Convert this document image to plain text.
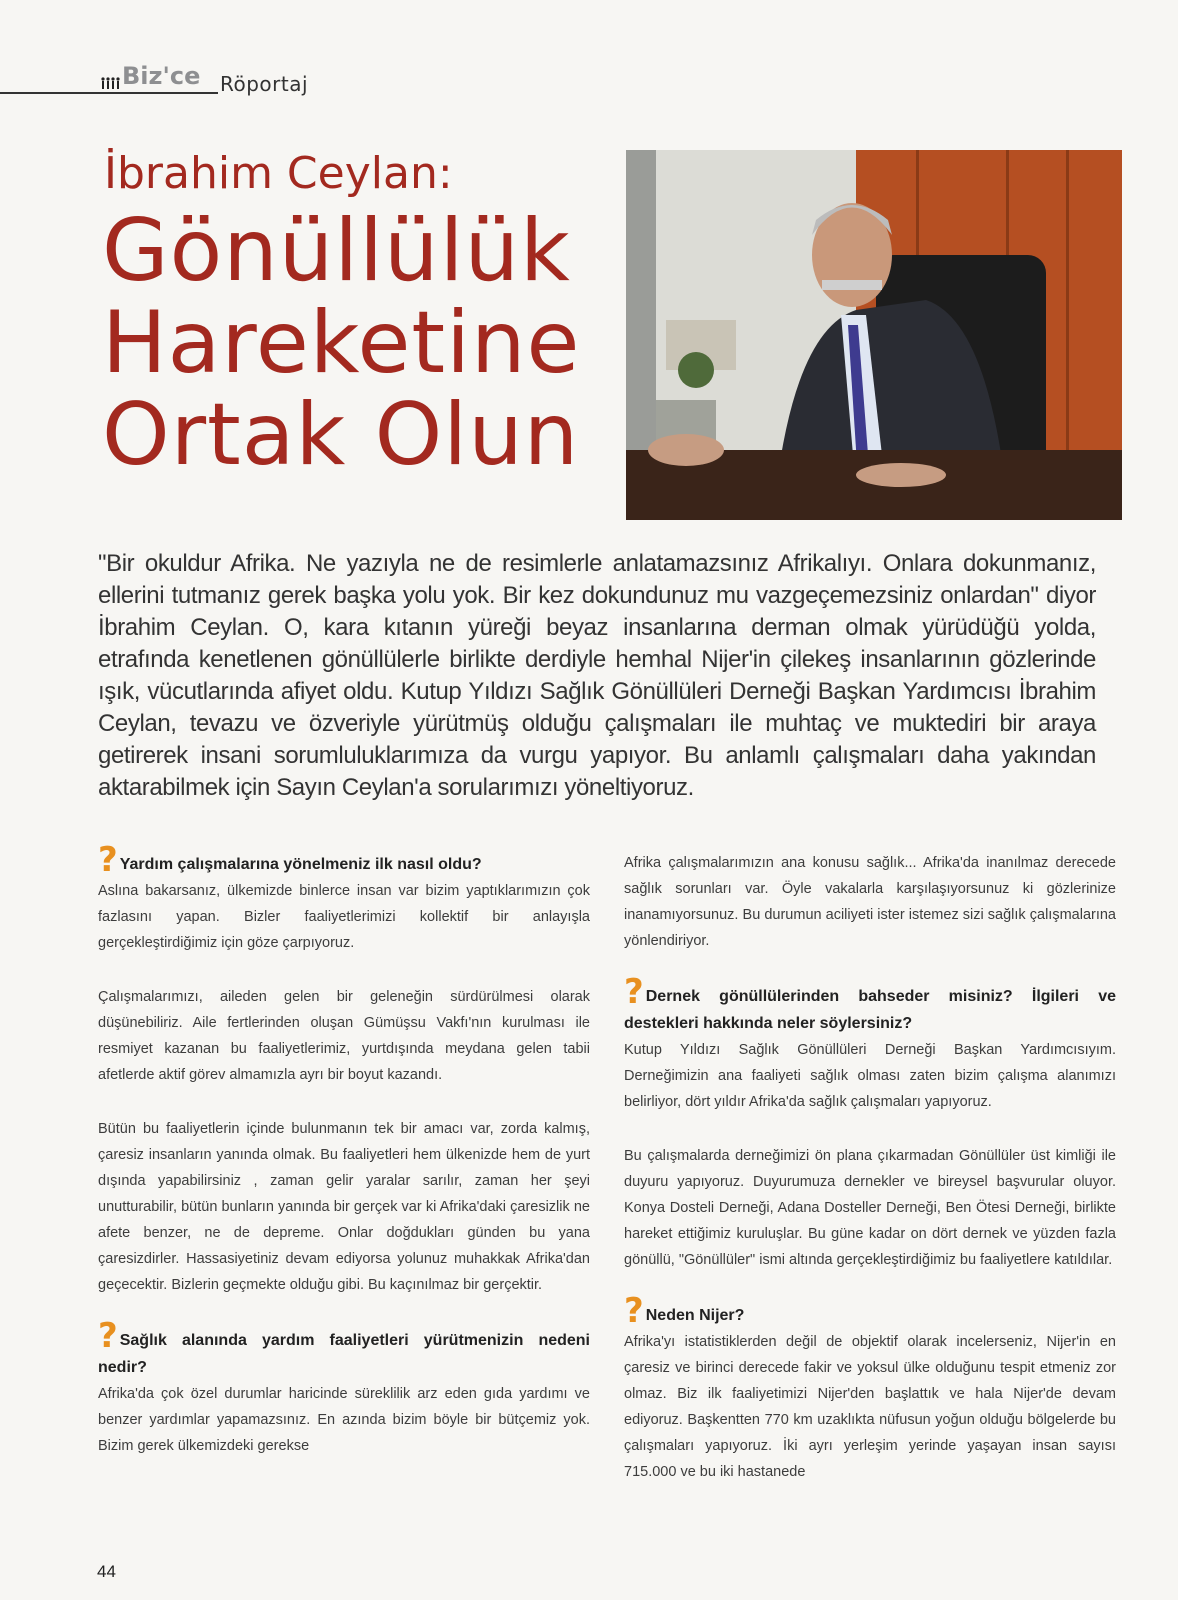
Biz'ce Röportaj
İbrahim Ceylan:
Gönüllülük
Hareketine
Ortak Olun
"Bir okuldur Afrika. Ne yazıyla ne de resimlerle anlatamazsınız Afrikalıyı. Onlara dokunmanız, ellerini tutmanız gerek başka yolu yok. Bir kez dokundunuz mu vazgeçemezsiniz onlardan" diyor İbrahim Ceylan. O, kara kıtanın yüreği beyaz insanlarına derman olmak yürüdüğü yolda, etrafında kenetlenen gönüllülerle birlikte derdiyle hemhal Nijer'in çilekeş insanlarının gözlerinde ışık, vücutlarında afiyet oldu. Kutup Yıldızı Sağlık Gönüllüleri Derneği Başkan Yardımcısı İbrahim Ceylan, tevazu ve özveriyle yürütmüş olduğu çalışmaları ile muhtaç ve muktediri bir araya getirerek insani sorumluluklarımıza da vurgu yapıyor. Bu anlamlı çalışmaları daha yakından aktarabilmek için Sayın Ceylan'a sorularımızı yöneltiyoruz.
? Yardım çalışmalarına yönelmeniz ilk nasıl oldu?

Aslına bakarsanız, ülkemizde binlerce insan var bizim yaptıklarımızın çok fazlasını yapan. Bizler faaliyetlerimizi kollektif bir anlayışla gerçekleştirdiğimiz için göze çarpıyoruz.

Çalışmalarımızı, aileden gelen bir geleneğin sürdürülmesi olarak düşünebiliriz. Aile fertlerinden oluşan Gümüşsu Vakfı'nın kurulması ile resmiyet kazanan bu faaliyetlerimiz, yurtdışında meydana gelen tabii afetlerde aktif görev almamızla ayrı bir boyut kazandı.

Bütün bu faaliyetlerin içinde bulunmanın tek bir amacı var, zorda kalmış, çaresiz insanların yanında olmak. Bu faaliyetleri hem ülkenizde hem de yurt dışında yapabilirsiniz , zaman gelir yaralar sarılır, zaman her şeyi unutturabilir, bütün bunların yanında bir gerçek var ki Afrika'daki çaresizlik ne afete benzer, ne de depreme. Onlar doğdukları günden bu yana çaresizdirler. Hassasiyetiniz devam ediyorsa yolunuz muhakkak Afrika'dan geçecektir. Bizlerin geçmekte olduğu gibi. Bu kaçınılmaz bir gerçektir.

? Sağlık alanında yardım faaliyetleri yürütmenizin nedeni nedir?

Afrika'da çok özel durumlar haricinde süreklilik arz eden gıda yardımı ve benzer yardımlar yapamazsınız. En azında bizim böyle bir bütçemiz yok. Bizim gerek ülkemizdeki gerekse

Afrika çalışmalarımızın ana konusu sağlık... Afrika'da inanılmaz derecede sağlık sorunları var. Öyle vakalarla karşılaşıyorsunuz ki gözlerinize inanamıyorsunuz. Bu durumun aciliyeti ister istemez sizi sağlık çalışmalarına yönlendiriyor.

? Dernek gönüllülerinden bahseder misiniz? İlgileri ve destekleri hakkında neler söylersiniz?

Kutup Yıldızı Sağlık Gönüllüleri Derneği Başkan Yardımcısıyım. Derneğimizin ana faaliyeti sağlık olması zaten bizim çalışma alanımızı belirliyor, dört yıldır Afrika'da sağlık çalışmaları yapıyoruz.

Bu çalışmalarda derneğimizi ön plana çıkarmadan Gönüllüler üst kimliği ile duyuru yapıyoruz. Duyurumuza dernekler ve bireysel başvurular oluyor. Konya Dosteli Derneği, Adana Dosteller Derneği, Ben Ötesi Derneği, birlikte hareket ettiğimiz kuruluşlar. Bu güne kadar on dört dernek ve yüzden fazla gönüllü, "Gönüllüler" ismi altında gerçekleştirdiğimiz bu faaliyetlere katıldılar.

? Neden Nijer?

Afrika'yı istatistiklerden değil de objektif olarak incelerseniz, Nijer'in en çaresiz ve birinci derecede fakir ve yoksul ülke olduğunu tespit etmeniz zor olmaz. Biz ilk faaliyetimizi Nijer'den başlattık ve hala Nijer'de devam ediyoruz. Başkentten 770 km uzaklıkta nüfusun yoğun olduğu bölgelerde bu çalışmaları yapıyoruz. İki ayrı yerleşim yerinde yaşayan insan sayısı 715.000 ve bu iki hastanede

44
